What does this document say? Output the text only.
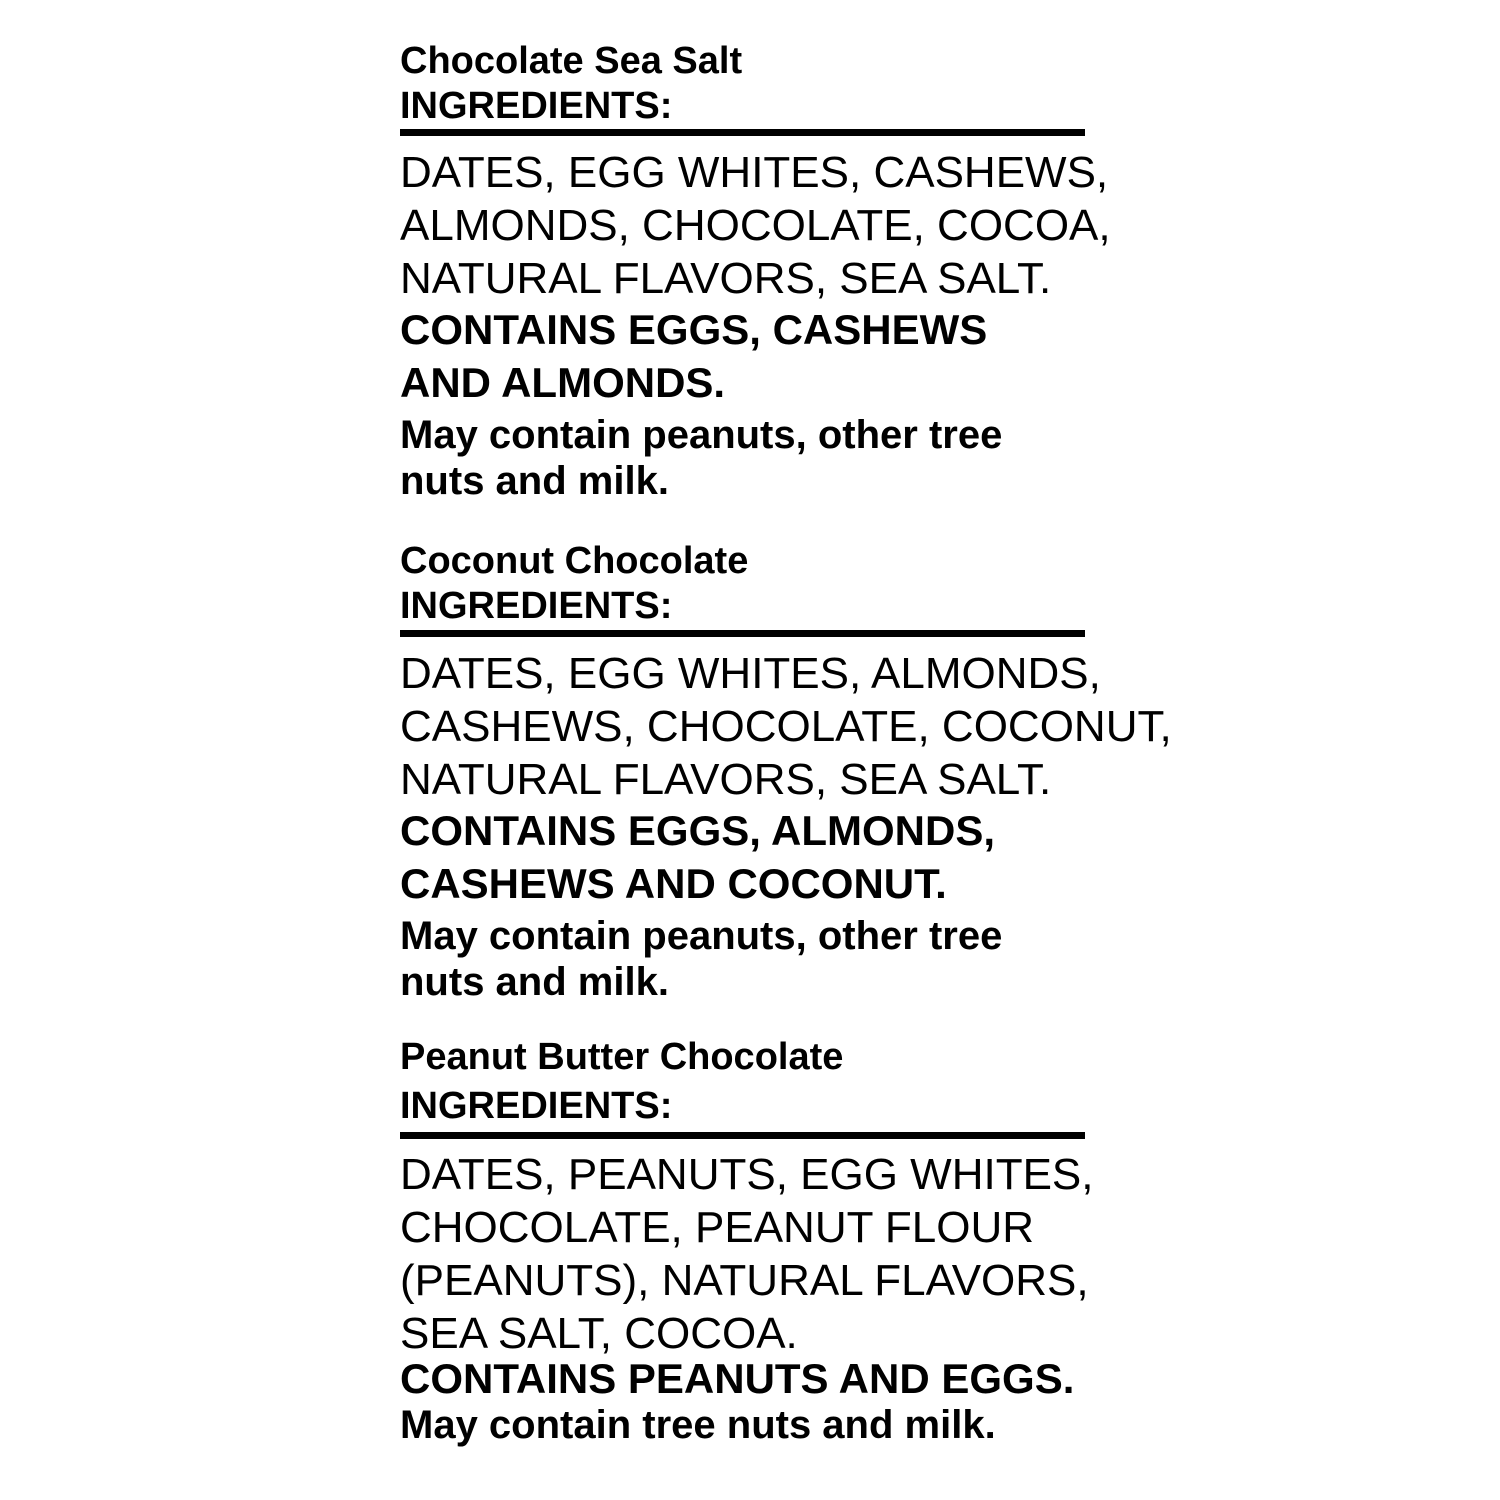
Chocolate Sea Salt

INGREDIENTS:

DATES, EGG WHITES, CASHEWS,

ALMONDS, CHOCOLATE, COCOA,

NATURAL FLAVORS, SEA SALT.

CONTAINS EGGS, CASHEWS

AND ALMONDS.

May contain peanuts, other tree

nuts and milk.

Coconut Chocolate

INGREDIENTS:

DATES, EGG WHITES, ALMONDS,

CASHEWS, CHOCOLATE, COCONUT,

NATURAL FLAVORS, SEA SALT.

CONTAINS EGGS, ALMONDS,

CASHEWS AND COCONUT.

May contain peanuts, other tree

nuts and milk.

Peanut Butter Chocolate

INGREDIENTS:

DATES, PEANUTS, EGG WHITES,

CHOCOLATE, PEANUT FLOUR

(PEANUTS), NATURAL FLAVORS,

SEA SALT, COCOA.

CONTAINS PEANUTS AND EGGS.

May contain tree nuts and milk.
